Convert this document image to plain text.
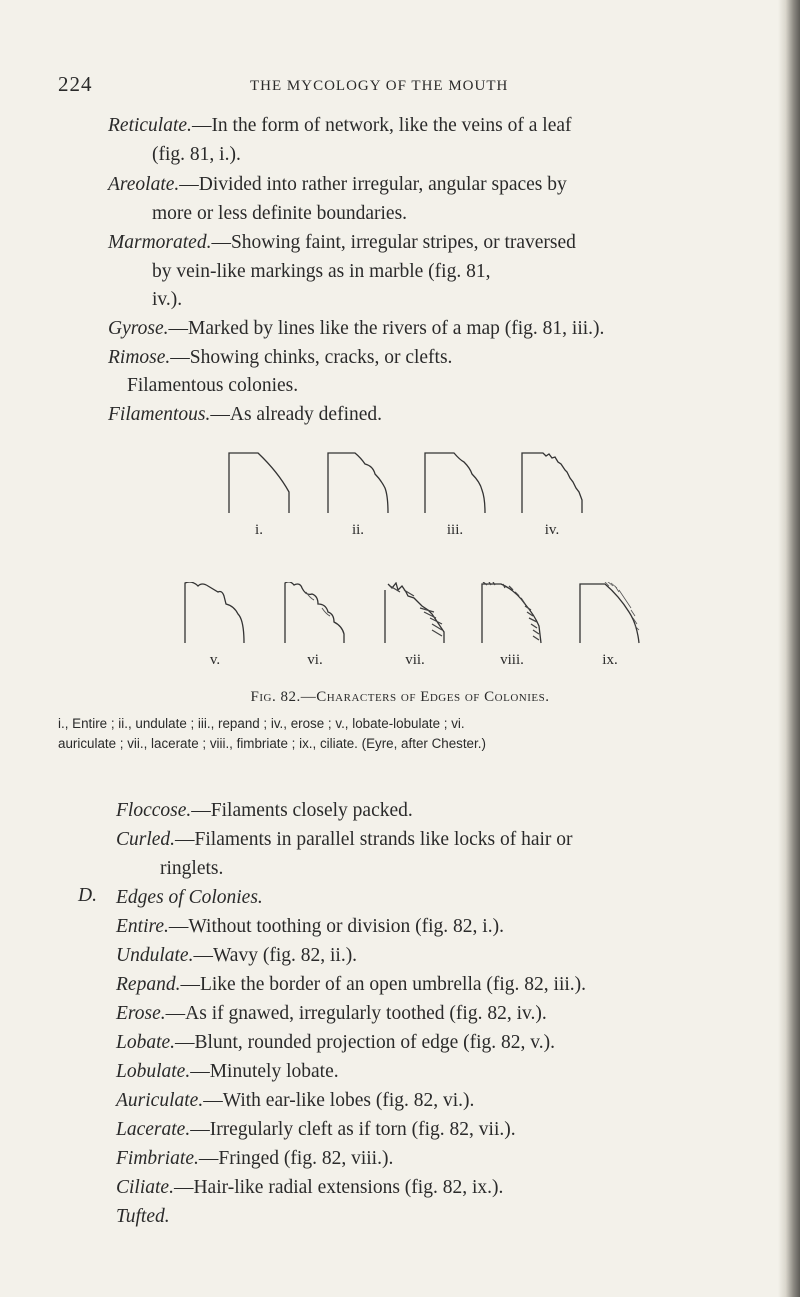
224	THE MYCOLOGY OF THE MOUTH
Reticulate.—In the form of network, like the veins of a leaf
(fig. 81, i.).
Areolate.—Divided into rather irregular, angular spaces by
more or less definite boundaries.
Marmorated.—Showing faint, irregular stripes, or traversed
by vein-like markings as in marble (fig. 81,
iv.).
Gyrose.—Marked by lines like the rivers of a map (fig. 81, iii.).
Rimose.—Showing chinks, cracks, or clefts.
Filamentous colonies.
Filamentous.—As already defined.
i.	ii.	iii.	iv.
v.	vi.	vii.	viii.	ix.
Fig. 82.—Characters of Edges of Colonies.
i., Entire ; ii., undulate ; iii., repand ; iv., erose ; v., lobate-lobulate ; vi.
auriculate ; vii., lacerate ; viii., fimbriate ; ix., ciliate. (Eyre, after Chester.)
Floccose.—Filaments closely packed.
Curled.—Filaments in parallel strands like locks of hair or
ringlets.
D. Edges of Colonies.
Entire.—Without toothing or division (fig. 82, i.).
Undulate.—Wavy (fig. 82, ii.).
Repand.—Like the border of an open umbrella (fig. 82, iii.).
Erose.—As if gnawed, irregularly toothed (fig. 82, iv.).
Lobate.—Blunt, rounded projection of edge (fig. 82, v.).
Lobulate.—Minutely lobate.
Auriculate.—With ear-like lobes (fig. 82, vi.).
Lacerate.—Irregularly cleft as if torn (fig. 82, vii.).
Fimbriate.—Fringed (fig. 82, viii.).
Ciliate.—Hair-like radial extensions (fig. 82, ix.).
Tufted.
